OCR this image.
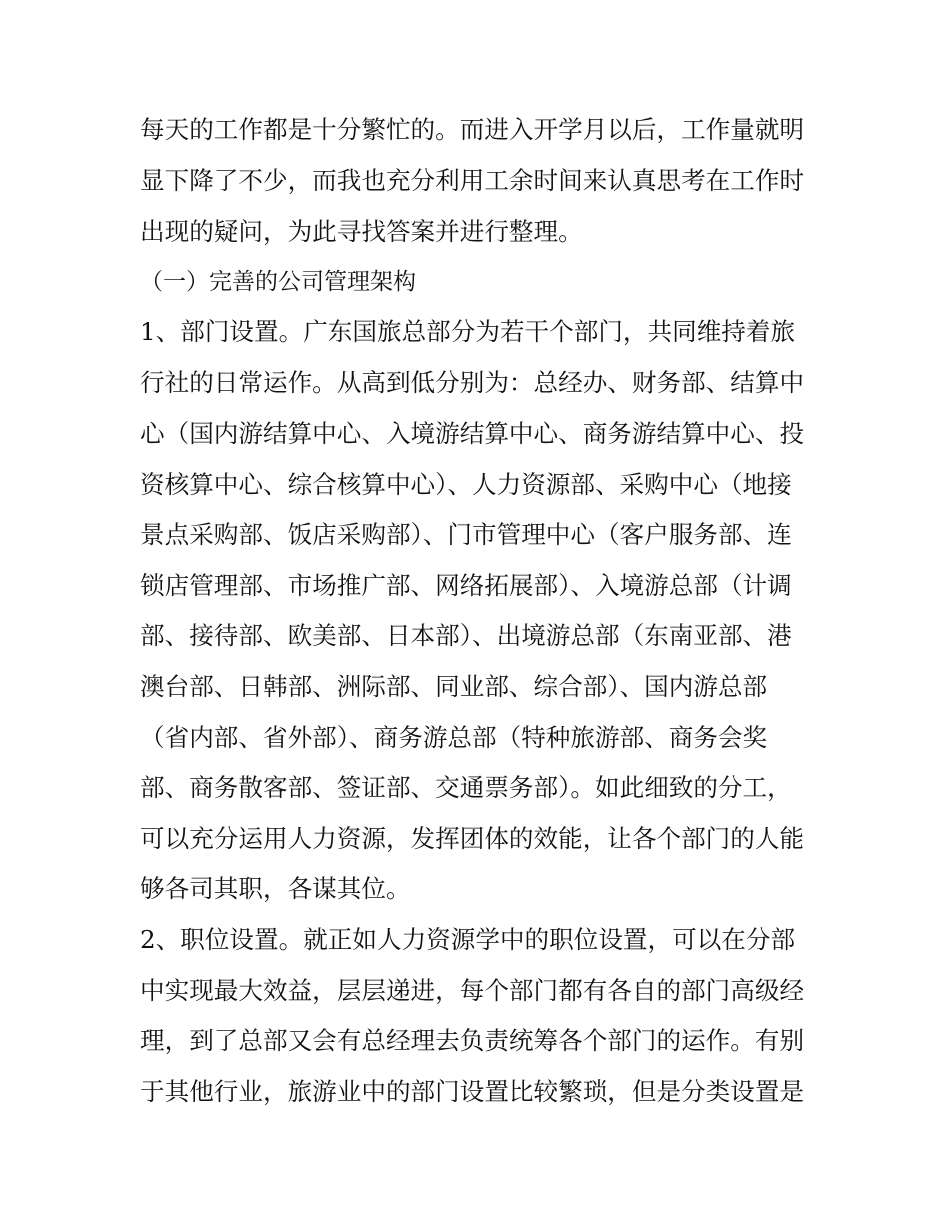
每天的工作都是十分繁忙的。而进入开学月以后，工作量就明
显下降了不少，而我也充分利用工余时间来认真思考在工作时
出现的疑问，为此寻找答案并进行整理。
（一）完善的公司管理架构
1、部门设置。广东国旅总部分为若干个部门，共同维持着旅
行社的日常运作。从高到低分别为：总经办、财务部、结算中
心（国内游结算中心、入境游结算中心、商务游结算中心、投
资核算中心、综合核算中心）、人力资源部、采购中心（地接
景点采购部、饭店采购部）、门市管理中心（客户服务部、连
锁店管理部、市场推广部、网络拓展部）、入境游总部（计调
部、接待部、欧美部、日本部）、出境游总部（东南亚部、港
澳台部、日韩部、洲际部、同业部、综合部）、国内游总部
（省内部、省外部）、商务游总部（特种旅游部、商务会奖
部、商务散客部、签证部、交通票务部）。如此细致的分工，
可以充分运用人力资源，发挥团体的效能，让各个部门的人能
够各司其职，各谋其位。
2、职位设置。就正如人力资源学中的职位设置，可以在分部
中实现最大效益，层层递进，每个部门都有各自的部门高级经
理，到了总部又会有总经理去负责统筹各个部门的运作。有别
于其他行业，旅游业中的部门设置比较繁琐，但是分类设置是
